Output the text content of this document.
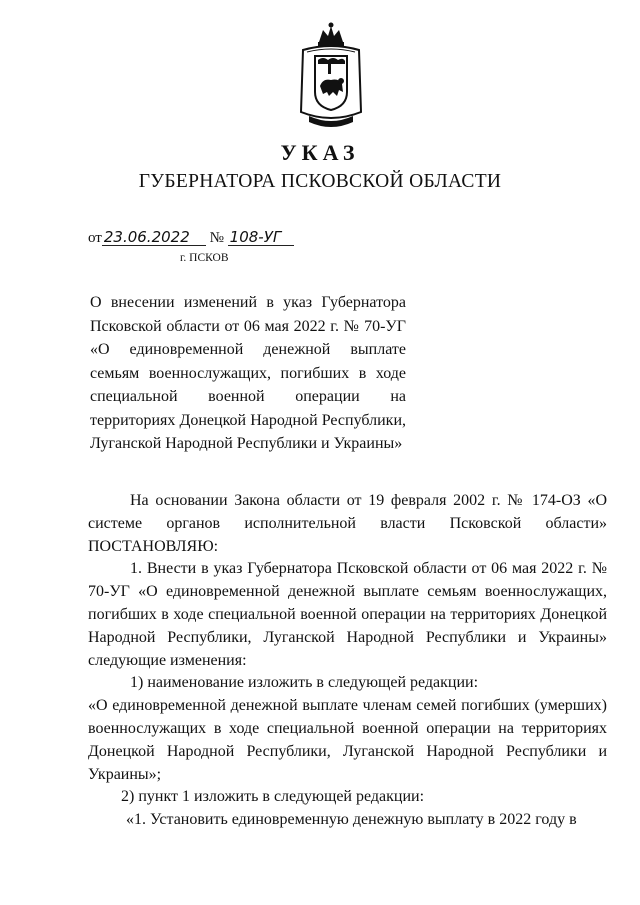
УКАЗ
ГУБЕРНАТОРА ПСКОВСКОЙ ОБЛАСТИ
от 23.06.2022 № 108-УГ
г. ПСКОВ
О внесении изменений в указ Губернатора Псковской области от 06 мая 2022 г. № 70-УГ «О единовременной денежной выплате семьям военнослужащих, погибших в ходе специальной военной операции на территориях Донецкой Народной Республики, Луганской Народной Республики и Украины»

На основании Закона области от 19 февраля 2002 г. № 174-ОЗ «О системе органов исполнительной власти Псковской области» ПОСТАНОВЛЯЮ:

1. Внести в указ Губернатора Псковской области от 06 мая 2022 г. № 70-УГ «О единовременной денежной выплате семьям военнослужащих, погибших в ходе специальной военной операции на территориях Донецкой Народной Республики, Луганской Народной Республики и Украины» следующие изменения:

1) наименование изложить в следующей редакции:

«О единовременной денежной выплате членам семей погибших (умерших) военнослужащих в ходе специальной военной операции на территориях Донецкой Народной Республики, Луганской Народной Республики и Украины»;

2) пункт 1 изложить в следующей редакции:

«1. Установить единовременную денежную выплату в 2022 году в
